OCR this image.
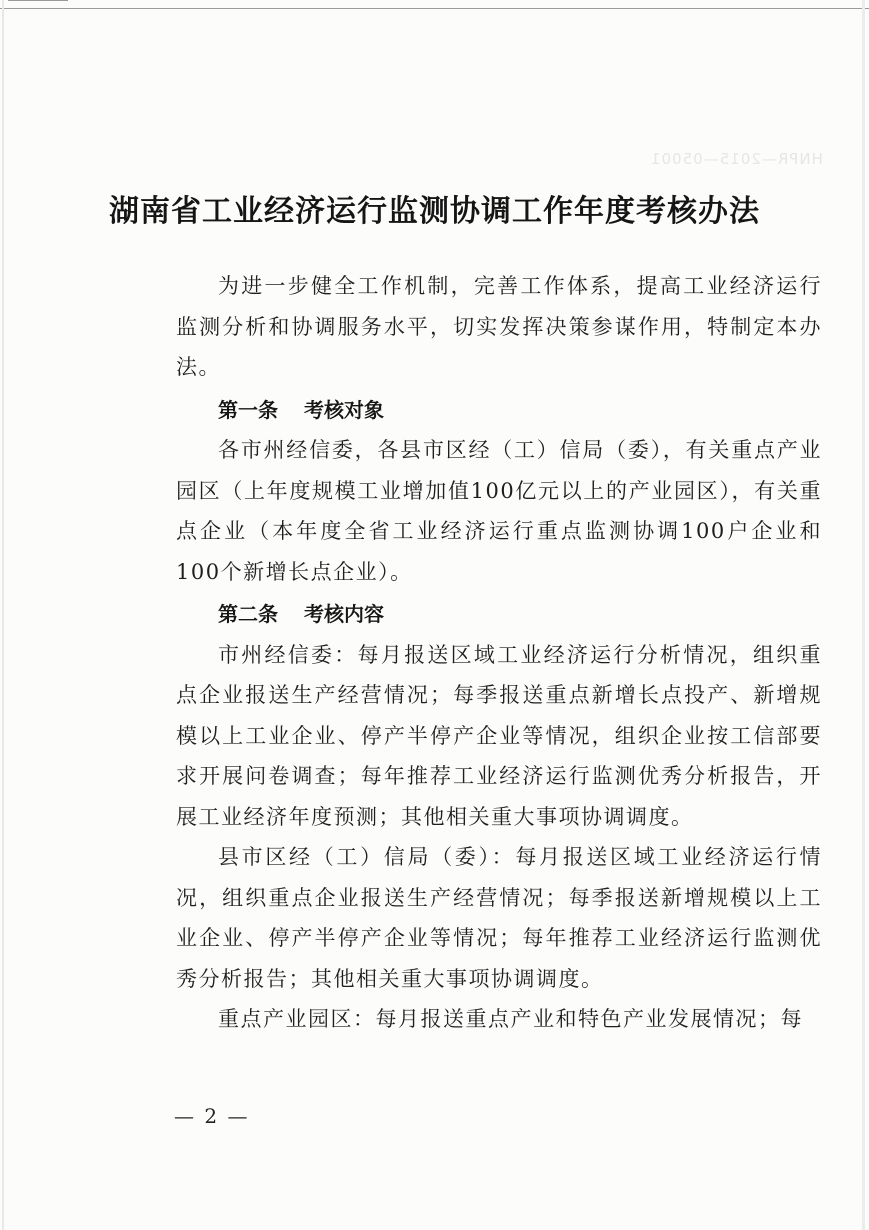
HNPR—2015—05001
湖南省工业经济运行监测协调工作年度考核办法

为进一步健全工作机制，完善工作体系，提高工业经济运行监测分析和协调服务水平，切实发挥决策参谋作用，特制定本办法。

第一条 考核对象

各市州经信委，各县市区经（工）信局（委），有关重点产业园区（上年度规模工业增加值100亿元以上的产业园区），有关重点企业（本年度全省工业经济运行重点监测协调100户企业和100个新增长点企业）。

第二条 考核内容

市州经信委：每月报送区域工业经济运行分析情况，组织重点企业报送生产经营情况；每季报送重点新增长点投产、新增规模以上工业企业、停产半停产企业等情况，组织企业按工信部要求开展问卷调查；每年推荐工业经济运行监测优秀分析报告，开展工业经济年度预测；其他相关重大事项协调调度。

县市区经（工）信局（委）：每月报送区域工业经济运行情况，组织重点企业报送生产经营情况；每季报送新增规模以上工业企业、停产半停产企业等情况；每年推荐工业经济运行监测优秀分析报告；其他相关重大事项协调调度。

重点产业园区：每月报送重点产业和特色产业发展情况；每

— 2 —
